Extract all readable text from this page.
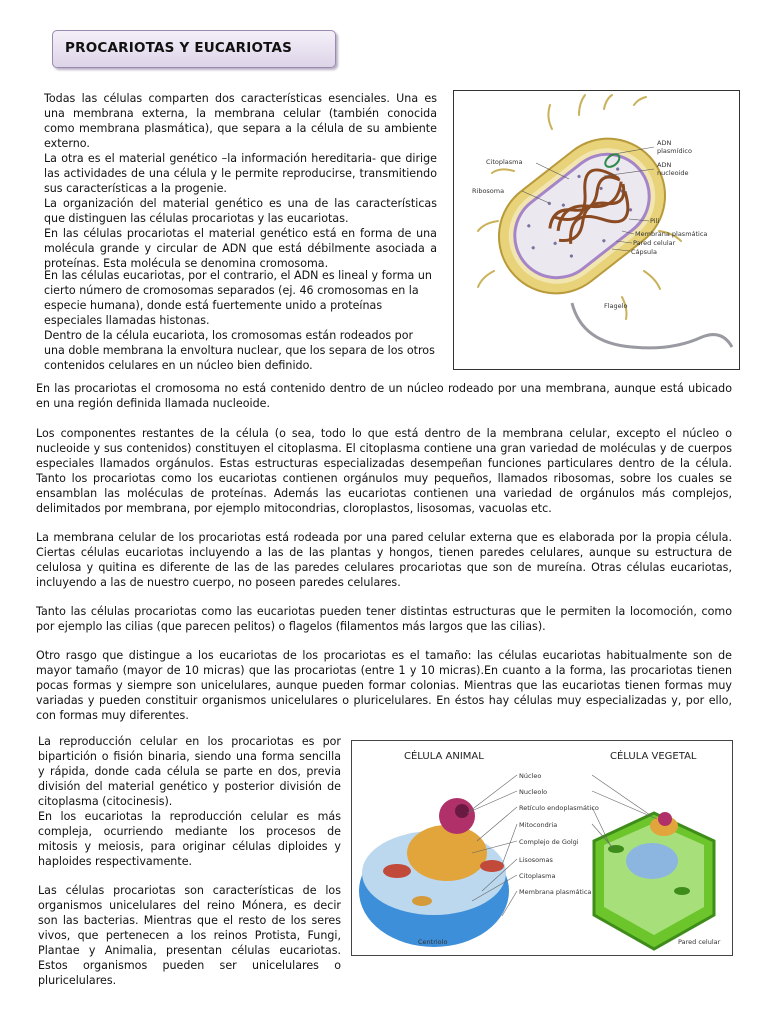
PROCARIOTAS Y EUCARIOTAS

Todas las células comparten dos características esenciales. Una es una membrana externa, la membrana celular (también conocida como membrana plasmática), que separa a la célula de su ambiente externo.

La otra es el material genético –la información hereditaria- que dirige las actividades de una célula y le permite reproducirse, transmitiendo sus características a la progenie.

La organización del material genético es una de las características que distinguen las células procariotas y las eucariotas.

En las células procariotas el material genético está en forma de una molécula grande y circular de ADN que está débilmente asociada a proteínas. Esta molécula se denomina cromosoma.

En las células eucariotas, por el contrario, el ADN es lineal y forma un cierto número de cromosomas separados (ej. 46 cromosomas en la especie humana), donde está fuertemente unido a proteínas especiales llamadas histonas.

Dentro de la célula eucariota, los cromosomas están rodeados por una doble membrana la envoltura nuclear, que los separa de los otros contenidos celulares en un núcleo bien definido.

ADN plasmídico
ADN nucleoide
Citoplasma
Ribosoma
Pili
Membrana plasmática
Pared celular
Cápsula
Flagelo
En las procariotas el cromosoma no está contenido dentro de un núcleo rodeado por una membrana, aunque está ubicado en una región definida llamada nucleoide.
Los componentes restantes de la célula (o sea, todo lo que está dentro de la membrana celular, excepto el núcleo o nucleoide y sus contenidos) constituyen el citoplasma. El citoplasma contiene una gran variedad de moléculas y de cuerpos especiales llamados orgánulos. Estas estructuras especializadas desempeñan funciones particulares dentro de la célula. Tanto los procariotas como los eucariotas contienen orgánulos muy pequeños, llamados ribosomas, sobre los cuales se ensamblan las moléculas de proteínas. Además las eucariotas contienen una variedad de orgánulos más complejos, delimitados por membrana, por ejemplo mitocondrias, cloroplastos, lisosomas, vacuolas etc.
La membrana celular de los procariotas está rodeada por una pared celular externa que es elaborada por la propia célula. Ciertas células eucariotas incluyendo a las de las plantas y hongos, tienen paredes celulares, aunque su estructura de celulosa y quitina es diferente de las de las paredes celulares procariotas que son de mureína. Otras células eucariotas, incluyendo a las de nuestro cuerpo, no poseen paredes celulares.
Tanto las células procariotas como las eucariotas pueden tener distintas estructuras que le permiten la locomoción, como por ejemplo las cilias (que parecen pelitos) o flagelos (filamentos más largos que las cilias).
Otro rasgo que distingue a los eucariotas de los procariotas es el tamaño: las células eucariotas habitualmente son de mayor tamaño (mayor de 10 micras) que las procariotas (entre 1 y 10 micras).En cuanto a la forma, las procariotas tienen pocas formas y siempre son unicelulares, aunque pueden formar colonias. Mientras que las eucariotas tienen formas muy variadas y pueden constituir organismos unicelulares o pluricelulares. En éstos hay células muy especializadas y, por ello, con formas muy diferentes.

La reproducción celular en los procariotas es por bipartición o fisión binaria, siendo una forma sencilla y rápida, donde cada célula se parte en dos, previa división del material genético y posterior división de citoplasma (citocinesis).

En los eucariotas la reproducción celular es más compleja, ocurriendo mediante los procesos de mitosis y meiosis, para originar células diploides y haploides respectivamente.

Las células procariotas son características de los organismos unicelulares del reino Mónera, es decir son las bacterias. Mientras que el resto de los seres vivos, que pertenecen a los reinos Protista, Fungi, Plantae y Animalia, presentan células eucariotas. Estos organismos pueden ser unicelulares o pluricelulares.
CÉLULA ANIMAL	CÉLULA VEGETAL
Núcleo
Nucleolo
Retículo endoplasmático
Mitocondria
Complejo de Golgi
Lisosomas
Citoplasma
Membrana plasmática
Centriolo	Pared celular
